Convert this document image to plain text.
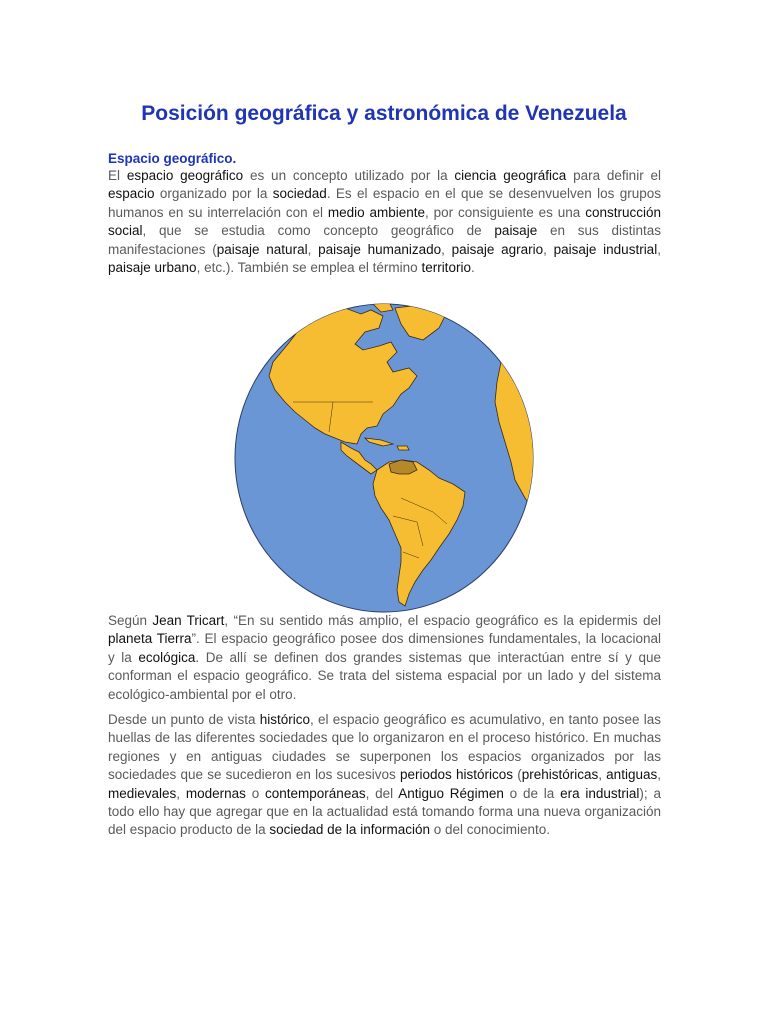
Posición geográfica y astronómica de Venezuela
Espacio geográfico.

El espacio geográfico es un concepto utilizado por la ciencia geográfica para definir el espacio organizado por la sociedad. Es el espacio en el que se desenvuelven los grupos humanos en su interrelación con el medio ambiente, por consiguiente es una construcción social, que se estudia como concepto geográfico de paisaje en sus distintas manifestaciones (paisaje natural, paisaje humanizado, paisaje agrario, paisaje industrial, paisaje urbano, etc.). También se emplea el término territorio.

Según Jean Tricart, “En su sentido más amplio, el espacio geográfico es la epidermis del planeta Tierra”. El espacio geográfico posee dos dimensiones fundamentales, la locacional y la ecológica. De allí se definen dos grandes sistemas que interactúan entre sí y que conforman el espacio geográfico. Se trata del sistema espacial por un lado y del sistema ecológico-ambiental por el otro.

Desde un punto de vista histórico, el espacio geográfico es acumulativo, en tanto posee las huellas de las diferentes sociedades que lo organizaron en el proceso histórico. En muchas regiones y en antiguas ciudades se superponen los espacios organizados por las sociedades que se sucedieron en los sucesivos periodos históricos (prehistóricas, antiguas, medievales, modernas o contemporáneas, del Antiguo Régimen o de la era industrial); a todo ello hay que agregar que en la actualidad está tomando forma una nueva organización del espacio producto de la sociedad de la información o del conocimiento.
